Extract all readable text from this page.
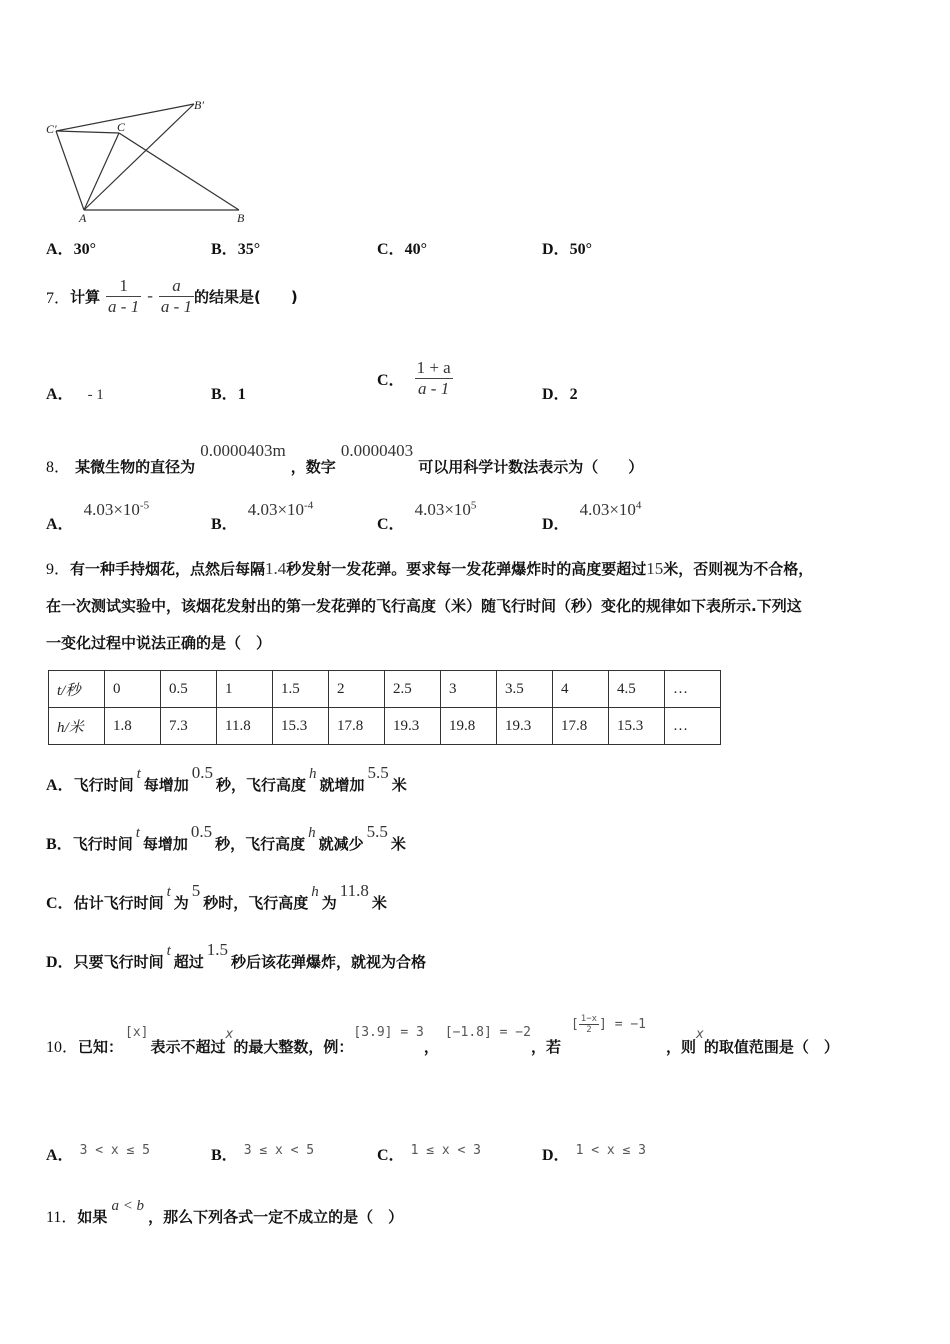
C′	C
B′
A	B
A．30°	B．35°	C．40°	D．50°
7． 计算 $\frac{1}{a - 1} - \frac{a}{a - 1}$ 的结果是(　　)
A． - 1	B．1
C． $\frac{1 + a}{a - 1}$	D．2
8． 某微生物的直径为 0.0000403m ，数字 0.0000403 可以用科学计数法表示为（　　）
A．$4.03\times 10^{-5}$
B．$4.03\times 10^{-4}$
C．$4.03\times 10^5$
D．$4.03\times 10^4$
9．有一种手持烟花，点然后每隔1.4秒发射一发花弹。要求每一发花弹爆炸时的高度要超过15米，否则视为不合格，
在一次测试实验中，该烟花发射出的第一发花弹的飞行高度（米）随飞行时间（秒）变化的规律如下表所示.下列这
一变化过程中说法正确的是（　）
t/秒	0	0.5	1	1.5	2	2.5	3	3.5	4	4.5	…
h/米	1.8	7.3	11.8	15.3	17.8	19.3	19.8	19.3	17.8	15.3	…
A．飞行时间t每增加0.5秒，飞行高度h就增加5.5米
B．飞行时间t每增加0.5秒，飞行高度h就减少5.5米
C．估计飞行时间t为5秒时，飞行高度h为11.8米
D．只要飞行时间t超过1.5秒后该花弹爆炸，就视为合格
10．已知：[x]表示不超过$^x$的最大整数，例：$^{[3.9] = 3}$，$^{[-1.8] = -2}$，若[ $\frac{1-x}{2}$ ] = −1，则$^x$的取值范围是（　）
A． 3 < x ≤ 5	B． 3 ≤ x < 5	C． 1 ≤ x < 3	D． 1 < x ≤ 3
11．如果a < b，那么下列各式一定不成立的是（　）
